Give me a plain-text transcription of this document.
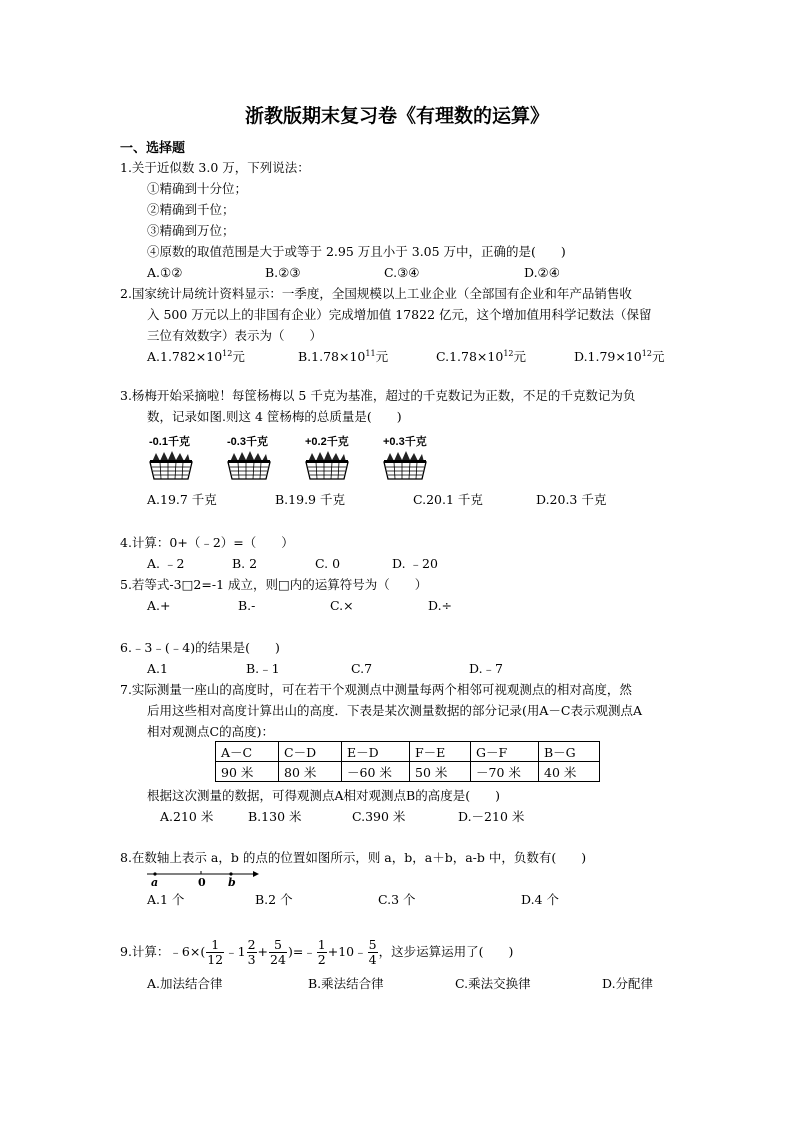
浙教版期末复习卷《有理数的运算》
一、选择题
1.关于近似数 3.0 万，下列说法：
①精确到十分位；
②精确到千位；
③精确到万位；
④原数的取值范围是大于或等于 2.95 万且小于 3.05 万中，正确的是(　　)
A.①②	B.②③	C.③④	D.②④
2.国家统计局统计资料显示：一季度，全国规模以上工业企业（全部国有企业和年产品销售收
入 500 万元以上的非国有企业）完成增加值 17822 亿元，这个增加值用科学记数法（保留
三位有效数字）表示为（　　）
$A.1.782\times 10^{12}$元	$B.1.78\times 10^{11}$元	$C.1.78\times 10^{12}$元	$D.1.79\times 10^{12}$元
3.杨梅开始采摘啦！每筐杨梅以 5 千克为基准，超过的千克数记为正数，不足的千克数记为负
数，记录如图.则这 4 筐杨梅的总质量是(　　)
-0.1千克	-0.3千克	+0.2千克	+0.3千克
A.19.7 千克	B.19.9 千克	C.20.1 千克	D.20.3 千克
4.计算：0+（﹣2）=（　　）
A. ﹣2	B. 2	C. 0	D. ﹣20
5.若等式-3□2=-1 成立，则□内的运算符号为（　　）
A.+	B.-	C.×	D.÷
6.﹣3﹣(﹣4)的结果是(　　)
A.1	B.﹣1	C.7	D.﹣7
7.实际测量一座山的高度时，可在若干个观测点中测量每两个相邻可视观测点的相对高度，然
后用这些相对高度计算出山的高度．下表是某次测量数据的部分记录(用A－C表示观测点A
相对观测点C的高度)：
A－C	C－D	E－D	F－E	G－F	B－G
90 米	80 米	－60 米	50 米	－70 米	40 米
根据这次测量的数据，可得观测点A相对观测点B的高度是(　　)
A.210 米	B.130 米	C.390 米	D.－210 米
8.在数轴上表示 a，b 的点的位置如图所示，则 a，b，a＋b，a-b 中，负数有(　　)
a	0 b
A.1 个	B.2 个	C.3 个	D.4 个
9.计算：﹣6×( $\frac{1}{12}$ ﹣1 $\frac{2}{3} + \frac{5}{24}$ )=﹣ $\frac{1}{2}$ +10﹣ $\frac{5}{4}$ ，这步运算运用了(　　)
A.加法结合律	B.乘法结合律	C.乘法交换律	D.分配律
